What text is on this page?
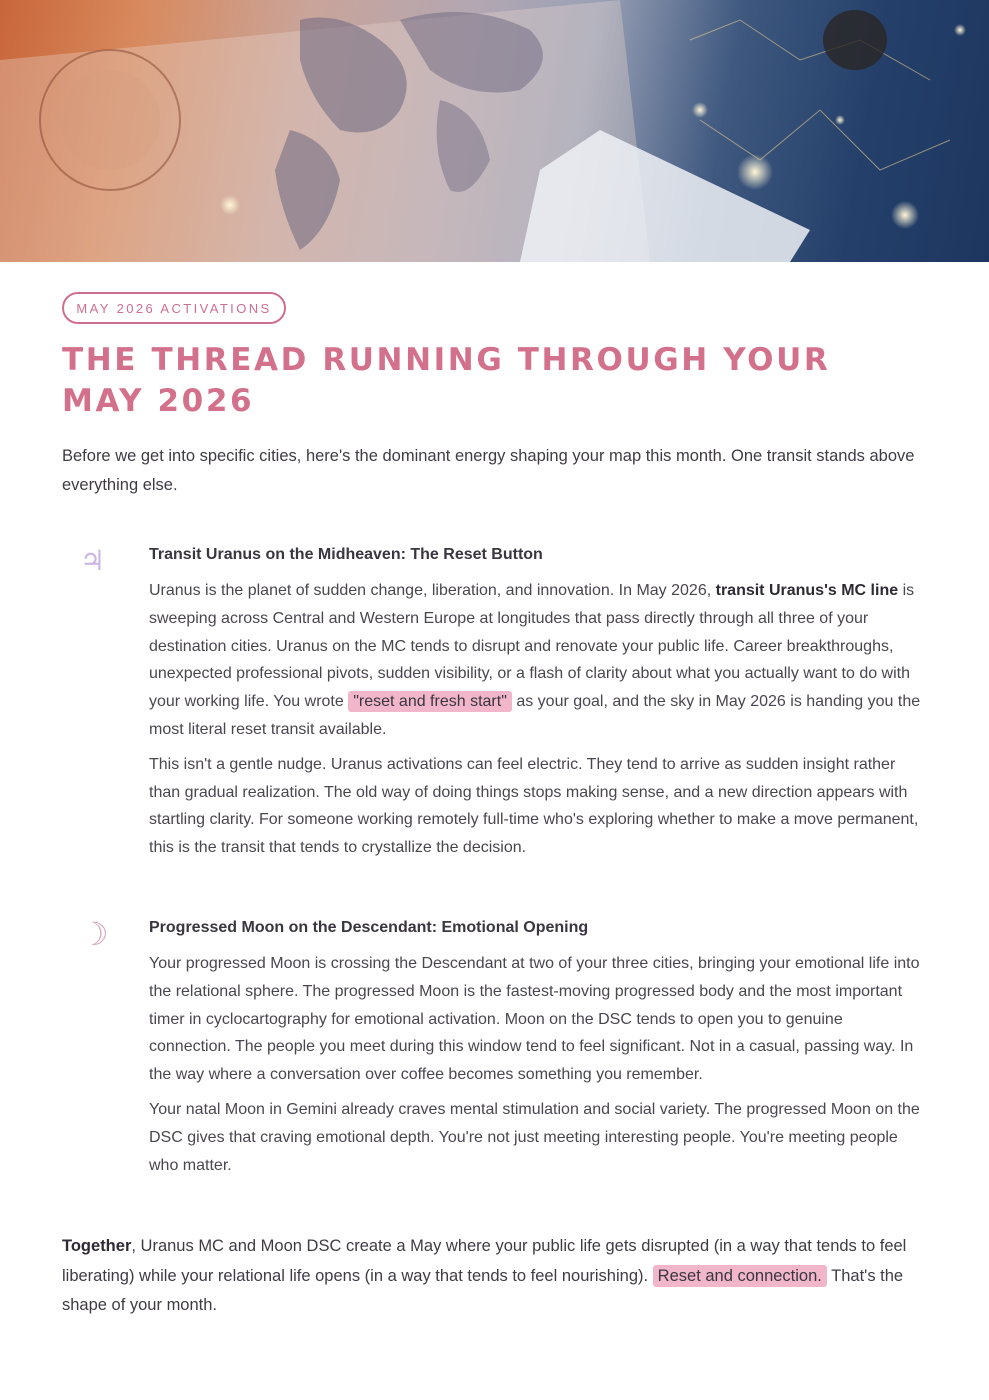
MAY 2026 ACTIVATIONS
THE THREAD RUNNING THROUGH YOUR MAY 2026

Before we get into specific cities, here's the dominant energy shaping your map this month. One transit stands above everything else.

♃	Transit Uranus on the Midheaven: The Reset Button

Uranus is the planet of sudden change, liberation, and innovation. In May 2026, transit Uranus's MC line is sweeping across Central and Western Europe at longitudes that pass directly through all three of your destination cities. Uranus on the MC tends to disrupt and renovate your public life. Career breakthroughs, unexpected professional pivots, sudden visibility, or a flash of clarity about what you actually want to do with your working life. You wrote "reset and fresh start" as your goal, and the sky in May 2026 is handing you the most literal reset transit available.

This isn't a gentle nudge. Uranus activations can feel electric. They tend to arrive as sudden insight rather than gradual realization. The old way of doing things stops making sense, and a new direction appears with startling clarity. For someone working remotely full-time who's exploring whether to make a move permanent, this is the transit that tends to crystallize the decision.

☽	Progressed Moon on the Descendant: Emotional Opening

Your progressed Moon is crossing the Descendant at two of your three cities, bringing your emotional life into the relational sphere. The progressed Moon is the fastest-moving progressed body and the most important timer in cyclocartography for emotional activation. Moon on the DSC tends to open you to genuine connection. The people you meet during this window tend to feel significant. Not in a casual, passing way. In the way where a conversation over coffee becomes something you remember.

Your natal Moon in Gemini already craves mental stimulation and social variety. The progressed Moon on the DSC gives that craving emotional depth. You're not just meeting interesting people. You're meeting people who matter.

Together, Uranus MC and Moon DSC create a May where your public life gets disrupted (in a way that tends to feel liberating) while your relational life opens (in a way that tends to feel nourishing). Reset and connection. That's the shape of your month.
